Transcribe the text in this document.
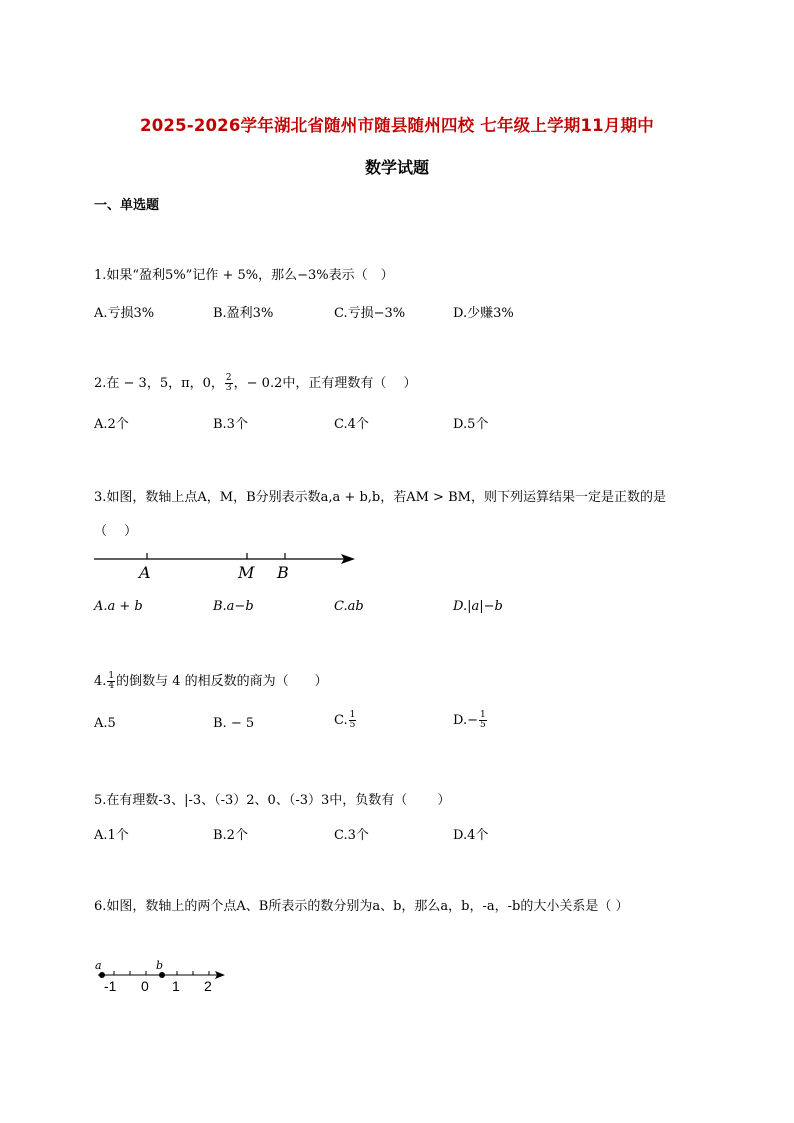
2025-2026学年湖北省随州市随县随州四校 七年级上学期11月期中
数学试题
一、单选题
1.如果“盈利5%”记作 + 5%，那么−3%表示（　）
A.亏损3%	B.盈利3%	C.亏损−3%	D.少赚3%
2.在 − 3，5，π，0， $\frac{2}{3}$ ，− 0.2中，正有理数有（　 ）
A.2个	B.3个	C.4个	D.5个
3.如图，数轴上点A，M，B分别表示数a,a + b,b，若AM > BM，则下列运算结果一定是正数的是
（　 ）
A	M B
A.a + b	B.a−b	C.ab	D.|a|−b
4. $\frac{1}{4}$ 的倒数与 4 的相反数的商为（　　）
A.5	B. − 5	C. $\frac{1}{5}$	$D.- \frac{1}{5}$
5.在有理数-3、|-3、（-3）2、0、（-3）3中，负数有（　　 ）
A.1个	B.2个	C.3个	D.4个
6.如图，数轴上的两个点A、B所表示的数分别为a、b，那么a，b，-a，-b的大小关系是（ ）
a	b
-1 0 1 2
